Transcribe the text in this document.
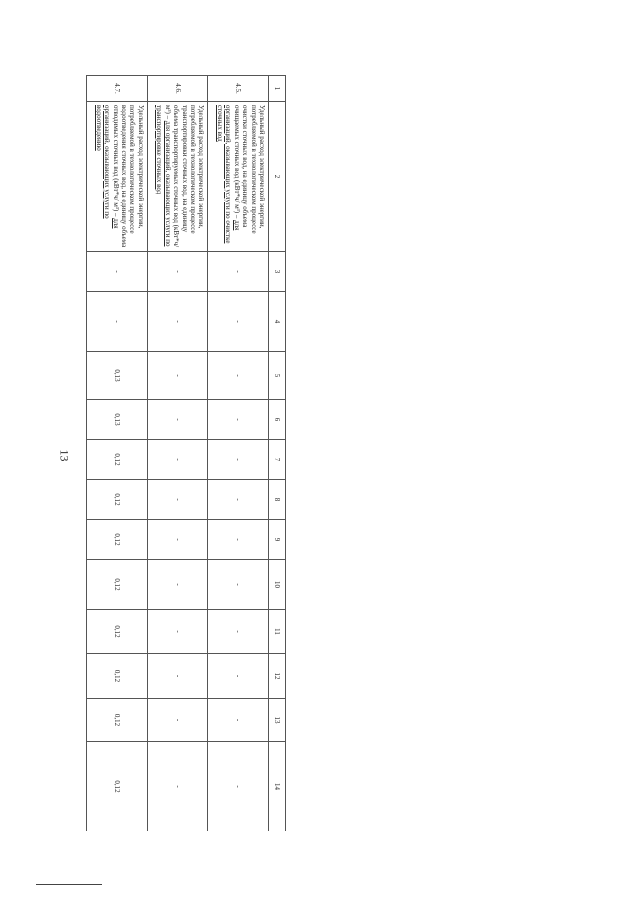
13
1	2	3	4	5	6	7	8	9	10	11	12	13	14
4.5.	Удельный расход электрической энергии, потребляемой в технологическом процессе очистки сточных вод, на единицу объема очищаемых сточных вод (кВт*ч/ м³) – для организаций, оказывающих услуги по очистке сточных вод	-	-	-	-	-	-	-	-	-	-	-	-
4.6.	Удельный расход электрической энергии, потребляемой в технологическом процессе транспортировки сточных вод, на единицу объема транспортируемых сточных вод (кВт*ч/ м³) – для организаций, оказывающих услуги по транспортировке сточных вод	-	-	-	-	-	-	-	-	-	-	-	-
4.7.	Удельный расход электрической энергии, потребляемой в технологическом процессе водоотведения сточных вод, на единицу объема отводимых сточных вод (кВт*ч/ м³) – для организаций, оказывающих услуги по водоотведению	-	-	0,13	0,13	0,12	0,12	0,12	0,12	0,12	0,12	0,12	0,12
